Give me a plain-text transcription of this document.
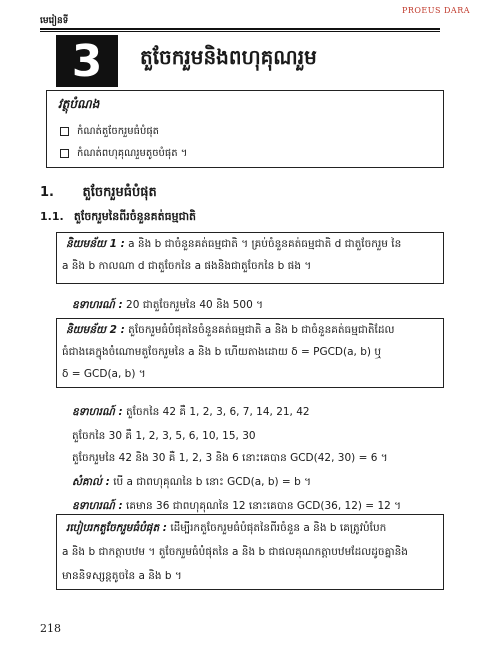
PROEUS DARA
មេរៀនទី
3 តួចែករួមនិងពហុគុណរួម
វត្ថុបំណង
កំណត់តួចែករួមធំបំផុត
កំណត់ពហុគុណរួមតូចបំផុត ។
1. តួចែករួមធំបំផុត
1.1. តួចែករួមនៃពីរចំនួនគត់ធម្មជាតិ
និយមន័យ 1 : a និង b ជាចំនួនគត់ធម្មជាតិ ។ គ្រប់ចំនួនគត់ធម្មជាតិ d ជាតួចែករួម នៃ
a និង b កាលណា d ជាតួចែកនៃ a ផងនិងជាតួចែកនៃ b ផង ។
ឧទាហរណ៍ : 20 ជាតួចែករួមនៃ 40 និង 500 ។
និយមន័យ 2 : តួចែករួមធំបំផុតនៃចំនួនគត់ធម្មជាតិ a និង b ជាចំនួនគត់ធម្មជាតិដែល
ធំជាងគេក្នុងចំណោមតួចែករួមនៃ a និង b ហើយតាងដោយ δ = PGCD(a, b) ឬ
δ = GCD(a, b) ។
ឧទាហរណ៍ : តួចែកនៃ 42 គឺ 1, 2, 3, 6, 7, 14, 21, 42
តួចែកនៃ 30 គឺ 1, 2, 3, 5, 6, 10, 15, 30
តួចែករួមនៃ 42 និង 30 គឺ 1, 2, 3 និង 6 នោះគេបាន GCD(42, 30) = 6 ។
សំគាល់ : បើ a ជាពហុគុណនៃ b នោះ GCD(a, b) = b ។
ឧទាហរណ៍ : គេមាន 36 ជាពហុគុណនៃ 12 នោះគេបាន GCD(36, 12) = 12 ។
របៀបរកតួចែករួមធំបំផុត : ដើម្បីរកតួចែករួមធំបំផុតនៃពីរចំនួន a និង b គេត្រូវបំបែក
a និង b ជាកត្តាបឋម ។ តួចែករួមធំបំផុតនៃ a និង b ជាផលគុណកត្តាបឋមដែលដូចគ្នានិង
មាននិទស្សន្តតូចនៃ a និង b ។
218
